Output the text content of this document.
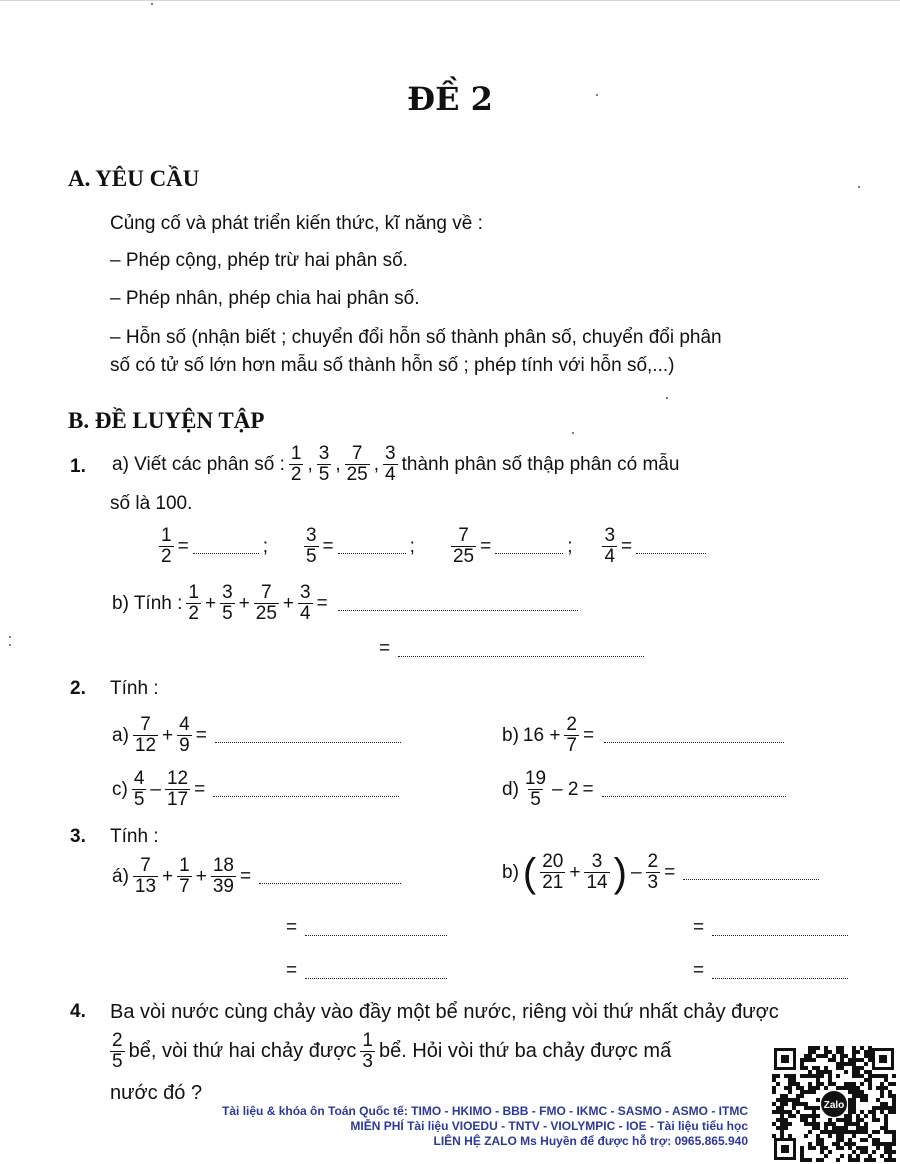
ĐỀ 2
A. YÊU CẦU
Củng cố và phát triển kiến thức, kĩ năng về :
– Phép cộng, phép trừ hai phân số.
– Phép nhân, phép chia hai phân số.
– Hỗn số (nhận biết ; chuyển đổi hỗn số thành phân số, chuyển đổi phân
số có tử số lớn hơn mẫu số thành hỗn số ; phép tính với hỗn số,...)
B. ĐỀ LUYỆN TẬP
1. a) Viết các phân số : $\frac{1}{2}$ , $\frac{3}{5}$ , $\frac{7}{25}$ , $\frac{3}{4}$ thành phân số thập phân có mẫu
số là 100.
$\frac{1}{2}$ =	; $\frac{3}{5}$ =	; $\frac{7}{25}$ =	; $\frac{3}{4}$ =
b) Tính : $\frac{1}{2} + \frac{3}{5} + \frac{7}{25} + \frac{3}{4}$ =
=
2. Tính :
$a) \frac{7}{12} + \frac{4}{9}$ =	b) $16 + \frac{2}{7}$ =
$c) \frac{4}{5} - \frac{12}{17}$ =	$d) \frac{19}{5} - 2$ =
3. Tính :
á) $\frac{7}{13} + \frac{1}{7} + \frac{18}{39}$ =	b) ( $\frac{20}{21} + \frac{3}{14}$ ) – $\frac{2}{3}$ =
=	=
=	=
4. Ba vòi nước cùng chảy vào đầy một bể nước, riêng vòi thứ nhất chảy được
$\frac{2}{5}$ bể, vòi thứ hai chảy được $\frac{1}{3}$ bể. Hỏi vòi thứ ba chảy được mấ
nước đó ?
Tài liệu & khóa ôn Toán Quốc tế: TIMO - HKIMO - BBB - FMO - IKMC - SASMO - ASMO - ITMC
MIỄN PHÍ Tài liệu VIOEDU - TNTV - VIOLYMPIC - IOE - Tài liệu tiểu học
LIÊN HỆ ZALO Ms Huyền để được hỗ trợ: 0965.865.940
Zalo
